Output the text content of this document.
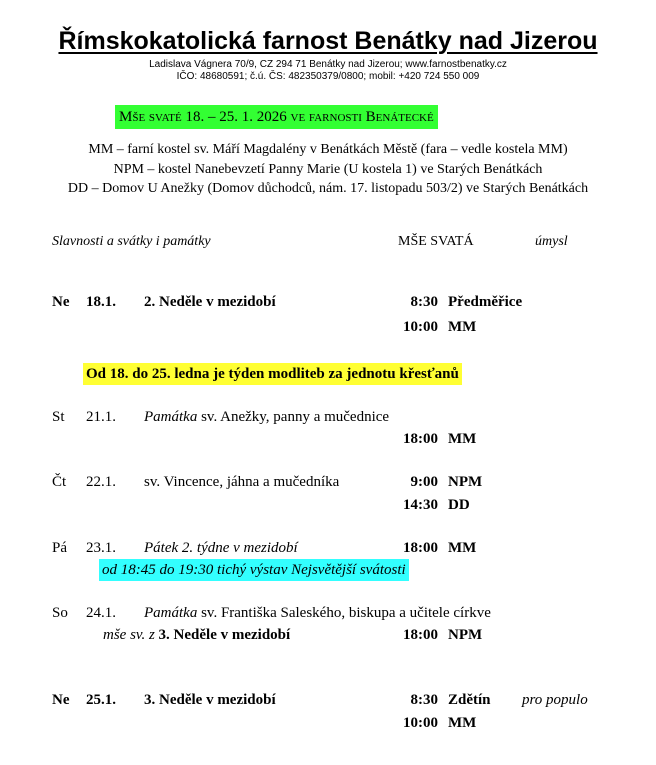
Římskokatolická farnost Benátky nad Jizerou
Ladislava Vágnera 70/9, CZ 294 71 Benátky nad Jizerou; www.farnostbenatky.cz
IČO: 48680591; č.ú. ČS: 482350379/0800; mobil: +420 724 550 009
Mše svaté 18. – 25. 1. 2026 ve farnosti Benátecké
MM – farní kostel sv. Máří Magdalény v Benátkách Městě (fara – vedle kostela MM)
NPM – kostel Nanebevzetí Panny Marie (U kostela 1) ve Starých Benátkách
DD – Domov U Anežky (Domov důchodců, nám. 17. listopadu 503/2) ve Starých Benátkách
Slavnosti a svátky i památky	MŠE SVATÁ	úmysl
Ne 18.1. 2. Neděle v mezidobí	8:30 Předměřice
10:00 MM
Od 18. do 25. ledna je týden modliteb za jednotu křesťanů
St 21.1. Památka sv. Anežky, panny a mučednice
18:00 MM
Čt 22.1. sv. Vincence, jáhna a mučedníka	9:00 NPM
14:30 DD
Pá 23.1. Pátek 2. týdne v mezidobí	18:00 MM
od 18:45 do 19:30 tichý výstav Nejsvětější svátosti
So 24.1. Památka sv. Františka Saleského, biskupa a učitele církve
mše sv. z 3. Neděle v mezidobí	18:00 NPM
Ne 25.1. 3. Neděle v mezidobí	8:30 Zdětín pro populo
10:00 MM
